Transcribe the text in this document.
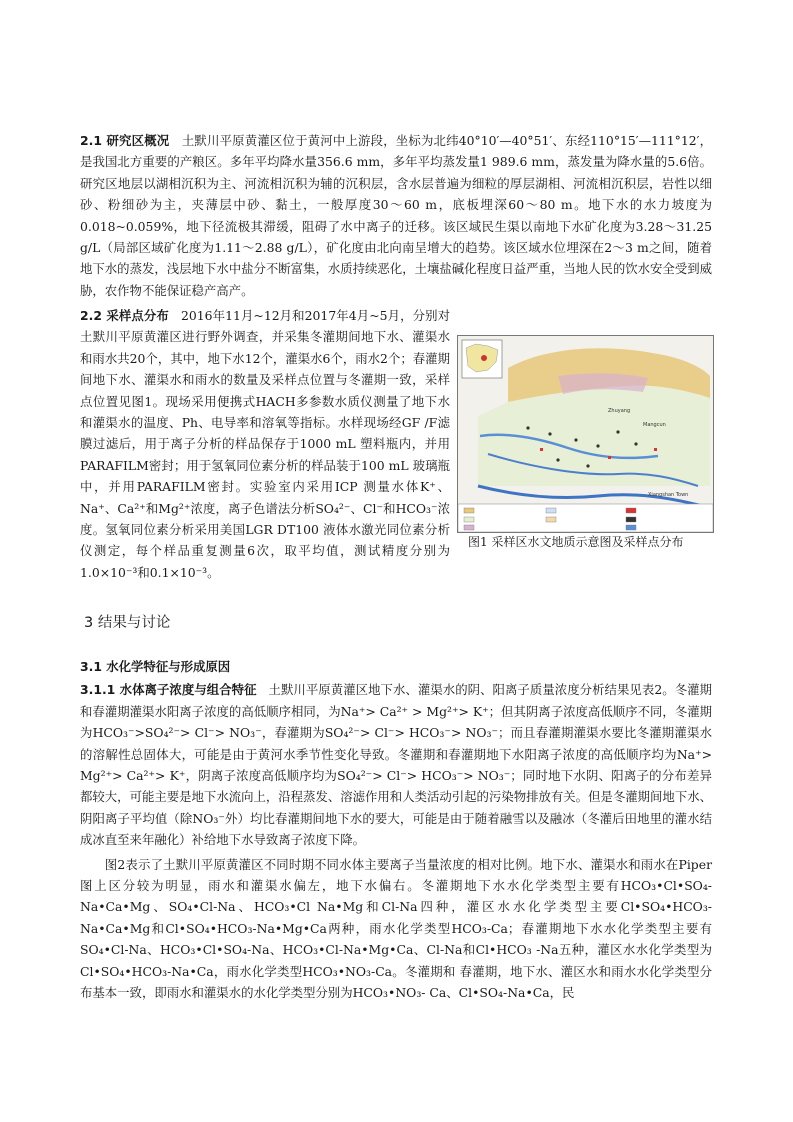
2.1 研究区概况 土默川平原黄灌区位于黄河中上游段，坐标为北纬40°10′—40°51′、东经110°15′—111°12′，是我国北方重要的产粮区。多年平均降水量356.6 mm，多年平均蒸发量1 989.6 mm，蒸发量为降水量的5.6倍。研究区地层以湖相沉积为主、河流相沉积为辅的沉积层，含水层普遍为细粒的厚层湖相、河流相沉积层，岩性以细砂、粉细砂为主，夹薄层中砂、黏土，一般厚度30～60 m，底板埋深60～80 m。地下水的水力坡度为 0.018~0.059%，地下径流极其滞缓，阻碍了水中离子的迁移。该区域民生渠以南地下水矿化度为3.28～31.25 g/L（局部区域矿化度为1.11～2.88 g/L），矿化度由北向南呈增大的趋势。该区域水位埋深在2～3 m之间，随着地下水的蒸发，浅层地下水中盐分不断富集，水质持续恶化，土壤盐碱化程度日益严重，当地人民的饮水安全受到威胁，农作物不能保证稳产高产。

2.2 采样点分布 2016年11月~12月和2017年4月~5月，分别对土默川平原黄灌区进行野外调查，并采集冬灌期间地下水、灌渠水和雨水共20个，其中，地下水12个，灌渠水6个，雨水2个；春灌期间地下水、灌渠水和雨水的数量及采样点位置与冬灌期一致，采样点位置见图1。现场采用便携式HACH多参数水质仪测量了地下水和灌渠水的温度、Ph、电导率和溶氧等指标。水样现场经GF /F滤膜过滤后，用于离子分析的样品保存于1000 mL 塑料瓶内，并用PARAFILM密封；用于氢氧同位素分析的样品装于100 mL 玻璃瓶中，并用PARAFILM密封。实验室内采用ICP 测量水体K⁺、Na⁺、Ca²⁺和Mg²⁺浓度，离子色谱法分析SO₄²⁻、Cl⁻和HCO₃⁻浓度。氢氧同位素分析采用美国LGR DT100 液体水激光同位素分析仪测定，每个样品重复测量6次，取平均值，测试精度分别为1.0×10⁻³和0.1×10⁻³。

Zhuyang
Mangcun
Xiangshan Town
图1 采样区水文地质示意图及采样点分布
3 结果与讨论

3.1 水化学特征与形成原因

3.1.1 水体离子浓度与组合特征 土默川平原黄灌区地下水、灌渠水的阴、阳离子质量浓度分析结果见表2。冬灌期和春灌期灌渠水阳离子浓度的高低顺序相同，为Na⁺> Ca²⁺ > Mg²⁺> K⁺；但其阴离子浓度高低顺序不同，冬灌期为HCO₃⁻>SO₄²⁻> Cl⁻> NO₃⁻，春灌期为SO₄²⁻> Cl⁻> HCO₃⁻> NO₃⁻；而且春灌期灌渠水要比冬灌期灌渠水的溶解性总固体大，可能是由于黄河水季节性变化导致。冬灌期和春灌期地下水阳离子浓度的高低顺序均为Na⁺> Mg²⁺> Ca²⁺> K⁺，阴离子浓度高低顺序均为SO₄²⁻> Cl⁻> HCO₃⁻> NO₃⁻；同时地下水阴、阳离子的分布差异都较大，可能主要是地下水流向上，沿程蒸发、溶滤作用和人类活动引起的污染物排放有关。但是冬灌期间地下水、阴阳离子平均值（除NO₃⁻外）均比春灌期间地下水的要大，可能是由于随着融雪以及融冰（冬灌后田地里的灌水结成冰直至来年融化）补给地下水导致离子浓度下降。

图2表示了土默川平原黄灌区不同时期不同水体主要离子当量浓度的相对比例。地下水、灌渠水和雨水在Piper图上区分较为明显，雨水和灌渠水偏左，地下水偏右。冬灌期地下水水化学类型主要有HCO₃•Cl•SO₄-Na•Ca•Mg、SO₄•Cl-Na、HCO₃•Cl Na•Mg和Cl-Na四种，灌区水水化学类型主要Cl•SO₄•HCO₃-Na•Ca•Mg和Cl•SO₄•HCO₃-Na•Mg•Ca两种，雨水化学类型HCO₃-Ca；春灌期地下水水化学类型主要有SO₄•Cl-Na、HCO₃•Cl•SO₄-Na、HCO₃•Cl-Na•Mg•Ca、Cl-Na和Cl•HCO₃ -Na五种，灌区水水化学类型为Cl•SO₄•HCO₃-Na•Ca，雨水化学类型HCO₃•NO₃-Ca。冬灌期和 春灌期，地下水、灌区水和雨水水化学类型分布基本一致，即雨水和灌渠水的水化学类型分别为HCO₃•NO₃- Ca、Cl•SO₄-Na•Ca，民
